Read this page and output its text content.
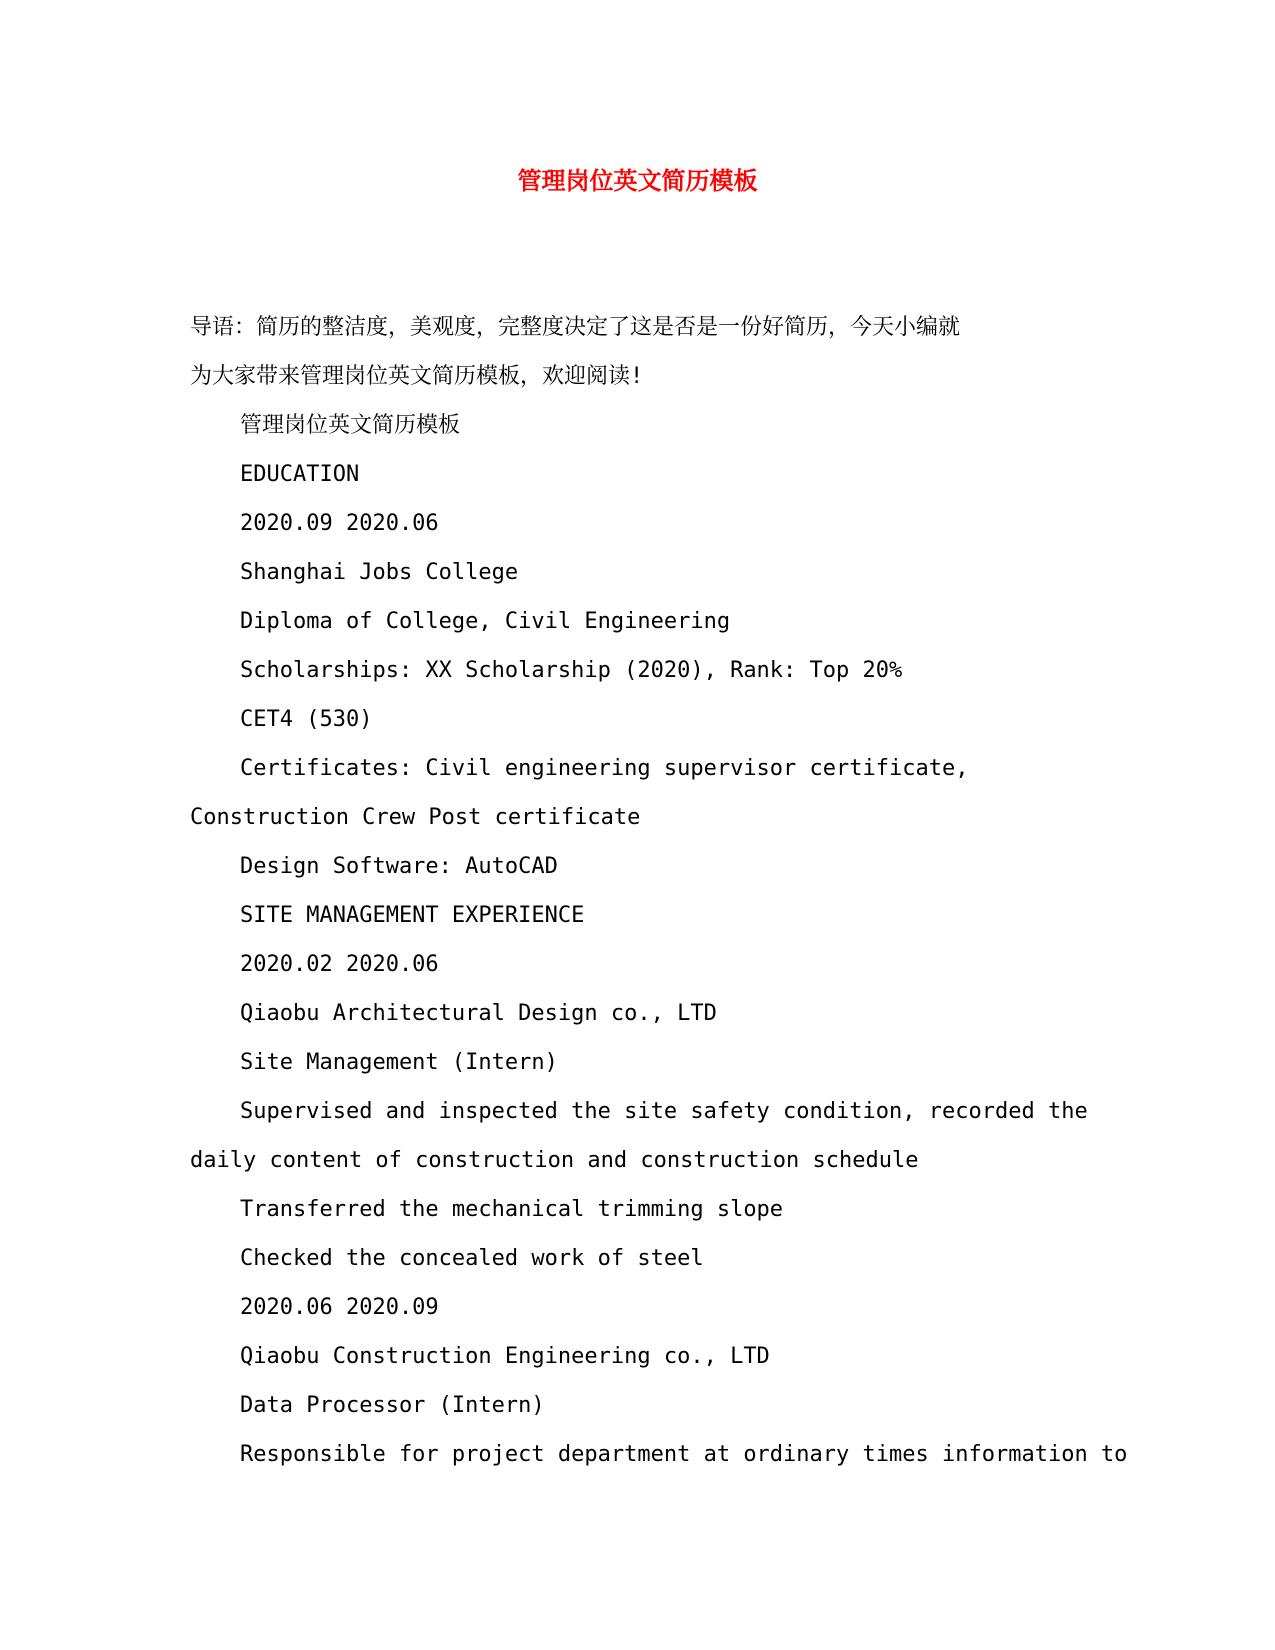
管理岗位英文简历模板
导语：简历的整洁度，美观度，完整度决定了这是否是一份好简历，今天小编就
为大家带来管理岗位英文简历模板，欢迎阅读!
管理岗位英文简历模板
EDUCATION
2020.09 2020.06
Shanghai Jobs College
Diploma of College, Civil Engineering
Scholarships: XX Scholarship (2020), Rank: Top 20%
CET4 (530)
Certificates: Civil engineering supervisor certificate,
Construction Crew Post certificate
Design Software: AutoCAD
SITE MANAGEMENT EXPERIENCE
2020.02 2020.06
Qiaobu Architectural Design co., LTD
Site Management (Intern)
Supervised and inspected the site safety condition, recorded the
daily content of construction and construction schedule
Transferred the mechanical trimming slope
Checked the concealed work of steel
2020.06 2020.09
Qiaobu Construction Engineering co., LTD
Data Processor (Intern)
Responsible for project department at ordinary times information to
